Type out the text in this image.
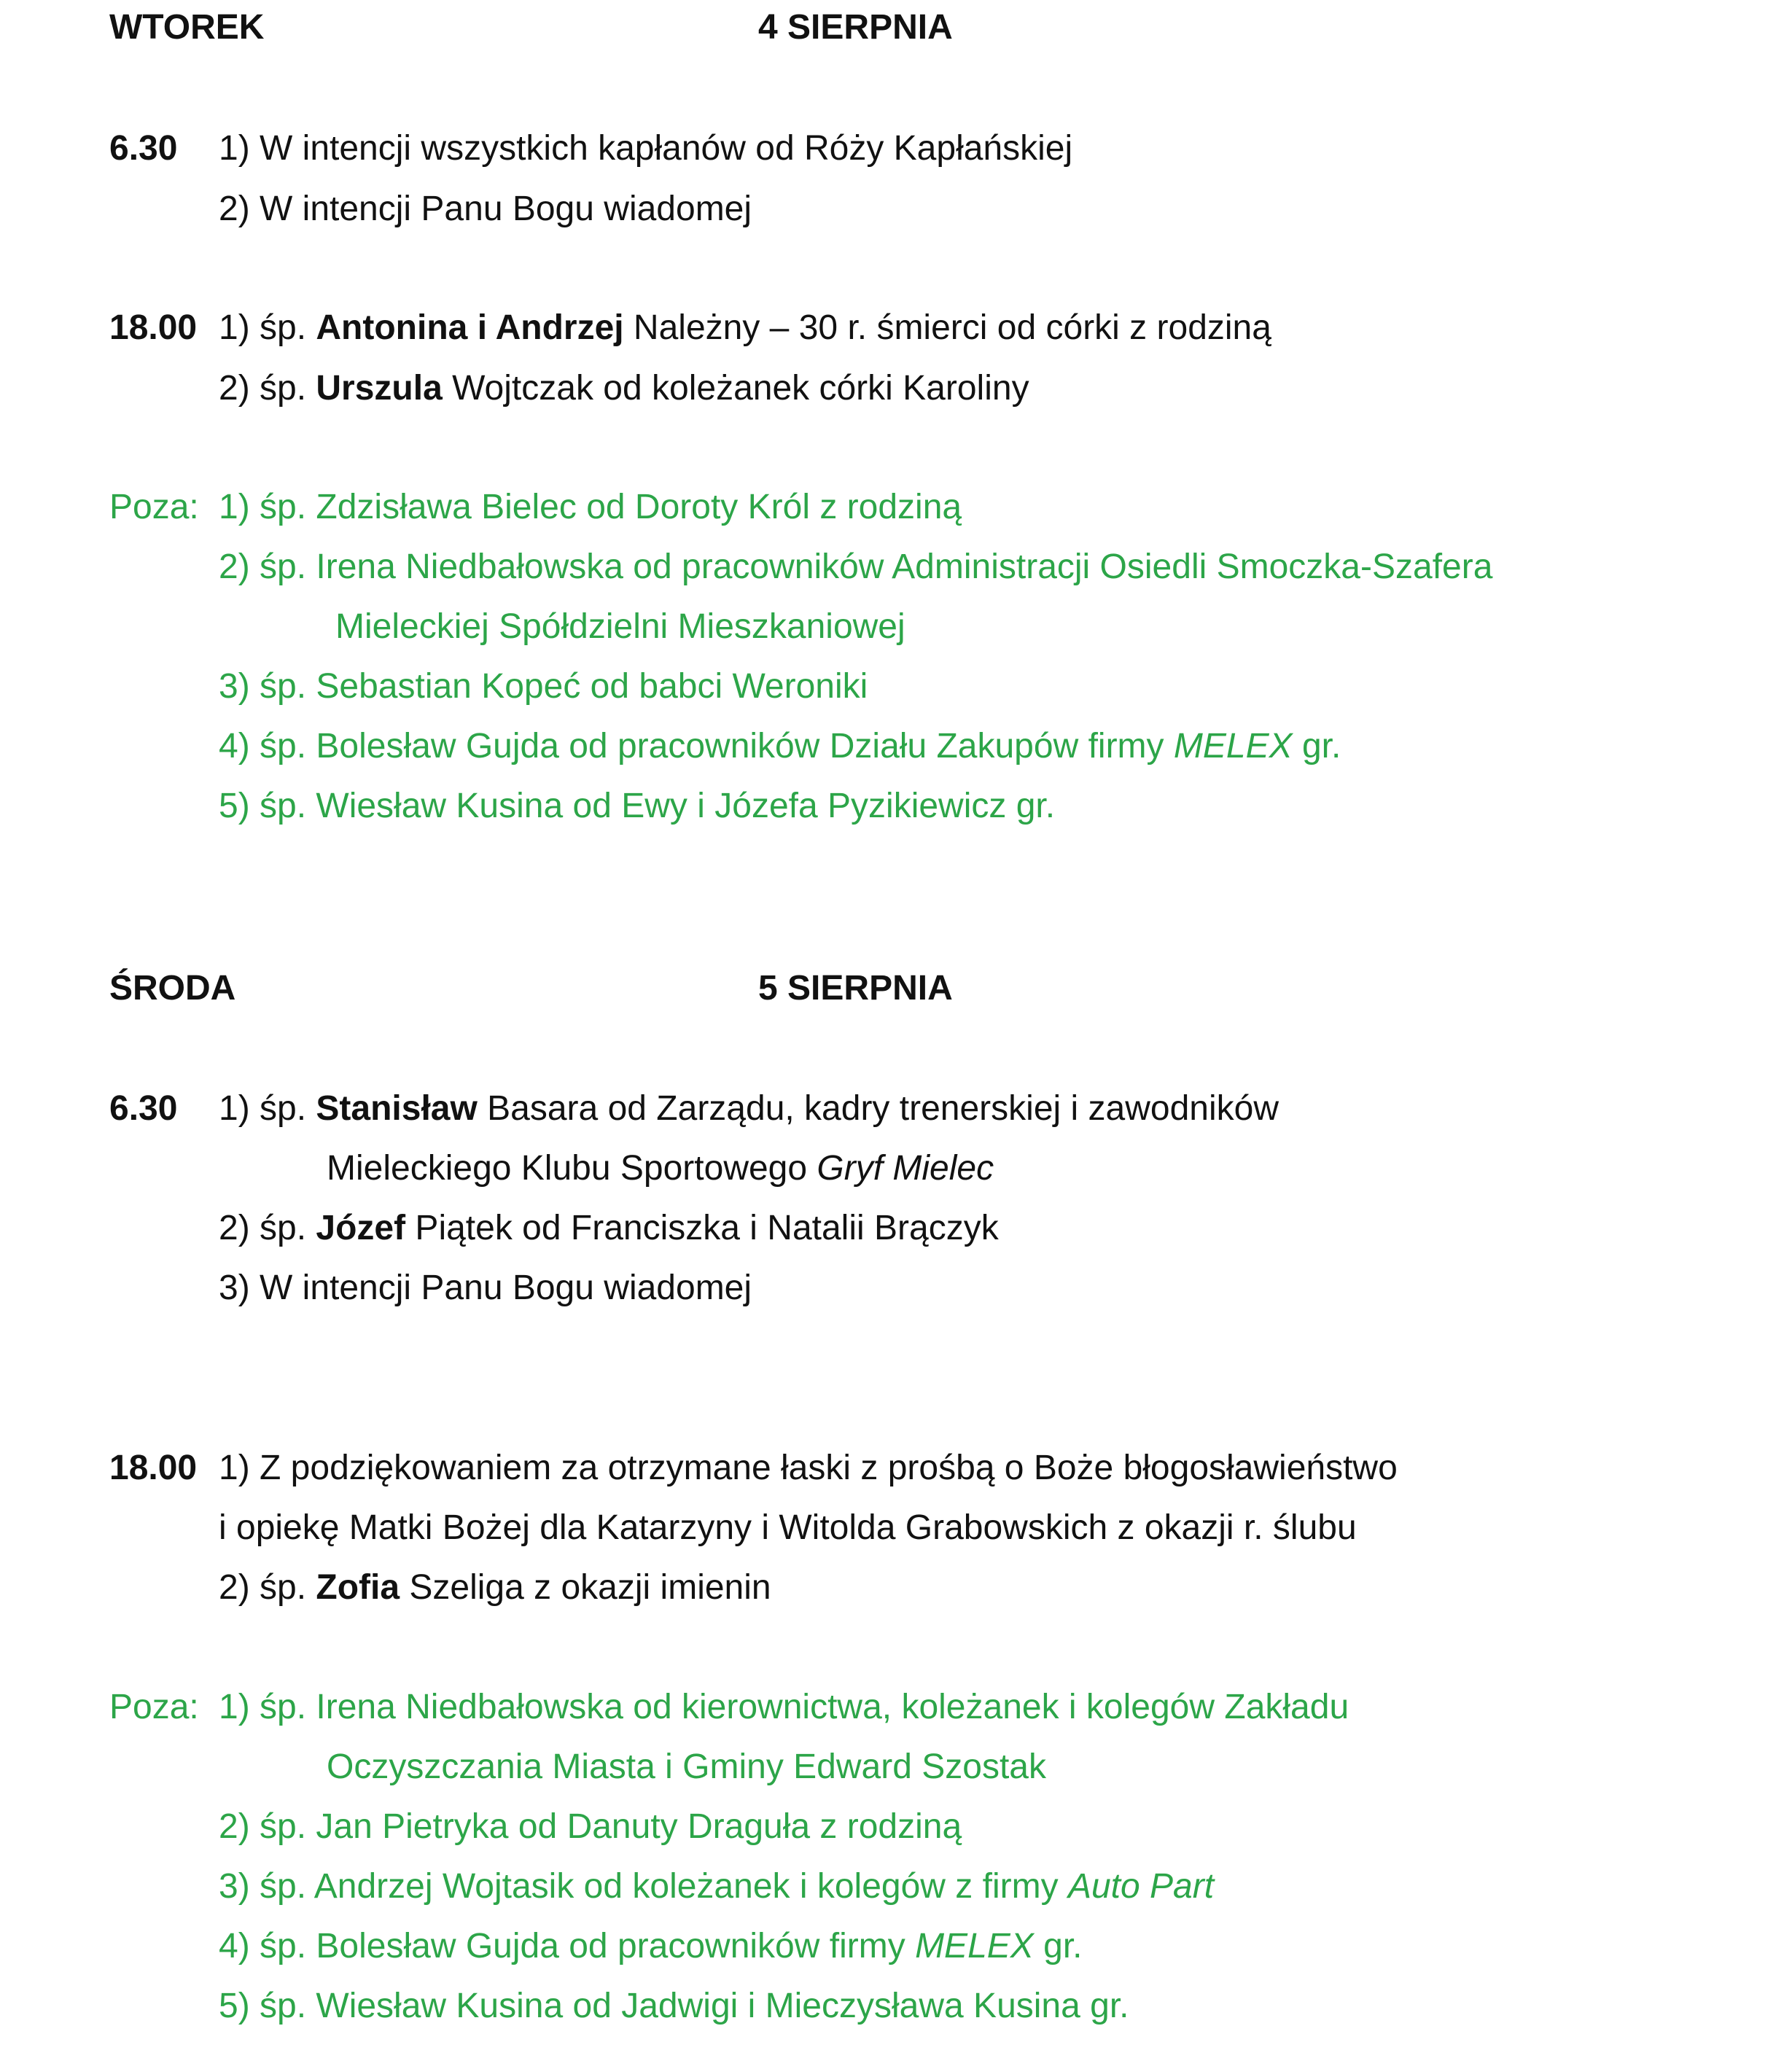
WTOREK	4 SIERPNIA
6.30 1) W intencji wszystkich kapłanów od Róży Kapłańskiej
2) W intencji Panu Bogu wiadomej
18.00 1) śp. Antonina i Andrzej Należny – 30 r. śmierci od córki z rodziną
2) śp. Urszula Wojtczak od koleżanek córki Karoliny
Poza: 1) śp. Zdzisława Bielec od Doroty Król z rodziną
2) śp. Irena Niedbałowska od pracowników Administracji Osiedli Smoczka-Szafera
Mieleckiej Spółdzielni Mieszkaniowej
3) śp. Sebastian Kopeć od babci Weroniki
4) śp. Bolesław Gujda od pracowników Działu Zakupów firmy MELEX gr.
5) śp. Wiesław Kusina od Ewy i Józefa Pyzikiewicz gr.
ŚRODA	5 SIERPNIA
6.30 1) śp. Stanisław Basara od Zarządu, kadry trenerskiej i zawodników
Mieleckiego Klubu Sportowego Gryf Mielec
2) śp. Józef Piątek od Franciszka i Natalii Brączyk
3) W intencji Panu Bogu wiadomej
18.00 1) Z podziękowaniem za otrzymane łaski z prośbą o Boże błogosławieństwo
i opiekę Matki Bożej dla Katarzyny i Witolda Grabowskich z okazji r. ślubu
2) śp. Zofia Szeliga z okazji imienin
Poza: 1) śp. Irena Niedbałowska od kierownictwa, koleżanek i kolegów Zakładu
Oczyszczania Miasta i Gminy Edward Szostak
2) śp. Jan Pietryka od Danuty Draguła z rodziną
3) śp. Andrzej Wojtasik od koleżanek i kolegów z firmy Auto Part
4) śp. Bolesław Gujda od pracowników firmy MELEX gr.
5) śp. Wiesław Kusina od Jadwigi i Mieczysława Kusina gr.
